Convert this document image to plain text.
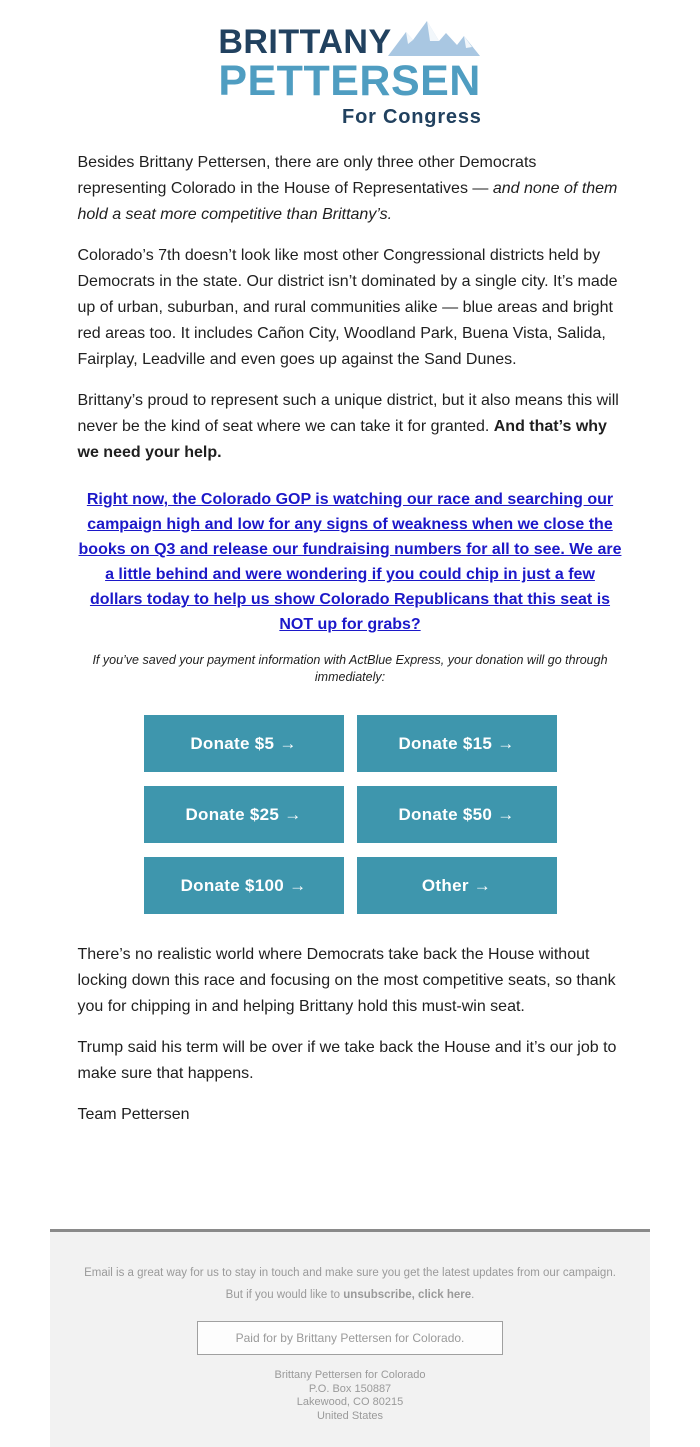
BRITTANY
PETTERSEN
For Congress

Besides Brittany Pettersen, there are only three other Democrats representing Colorado in the House of Representatives — and none of them hold a seat more competitive than Brittany’s.

Colorado’s 7th doesn’t look like most other Congressional districts held by Democrats in the state. Our district isn’t dominated by a single city. It’s made up of urban, suburban, and rural communities alike — blue areas and bright red areas too. It includes Cañon City, Woodland Park, Buena Vista, Salida, Fairplay, Leadville and even goes up against the Sand Dunes.

Brittany’s proud to represent such a unique district, but it also means this will never be the kind of seat where we can take it for granted. And that’s why we need your help.

Right now, the Colorado GOP is watching our race and searching our campaign high and low for any signs of weakness when we close the books on Q3 and release our fundraising numbers for all to see. We are a little behind and were wondering if you could chip in just a few dollars today to help us show Colorado Republicans that this seat is NOT up for grabs?

If you’ve saved your payment information with ActBlue Express, your donation will go through immediately:

Donate $5 →	Donate $15 →
Donate $25 →	Donate $50 →
Donate $100 →	Other →

There’s no realistic world where Democrats take back the House without locking down this race and focusing on the most competitive seats, so thank you for chipping in and helping Brittany hold this must-win seat.

Trump said his term will be over if we take back the House and it’s our job to make sure that happens.

Team Pettersen

Email is a great way for us to stay in touch and make sure you get the latest updates from our campaign.
But if you would like to unsubscribe, click here.
Paid for by Brittany Pettersen for Colorado.
Brittany Pettersen for Colorado
P.O. Box 150887
Lakewood, CO 80215
United States
